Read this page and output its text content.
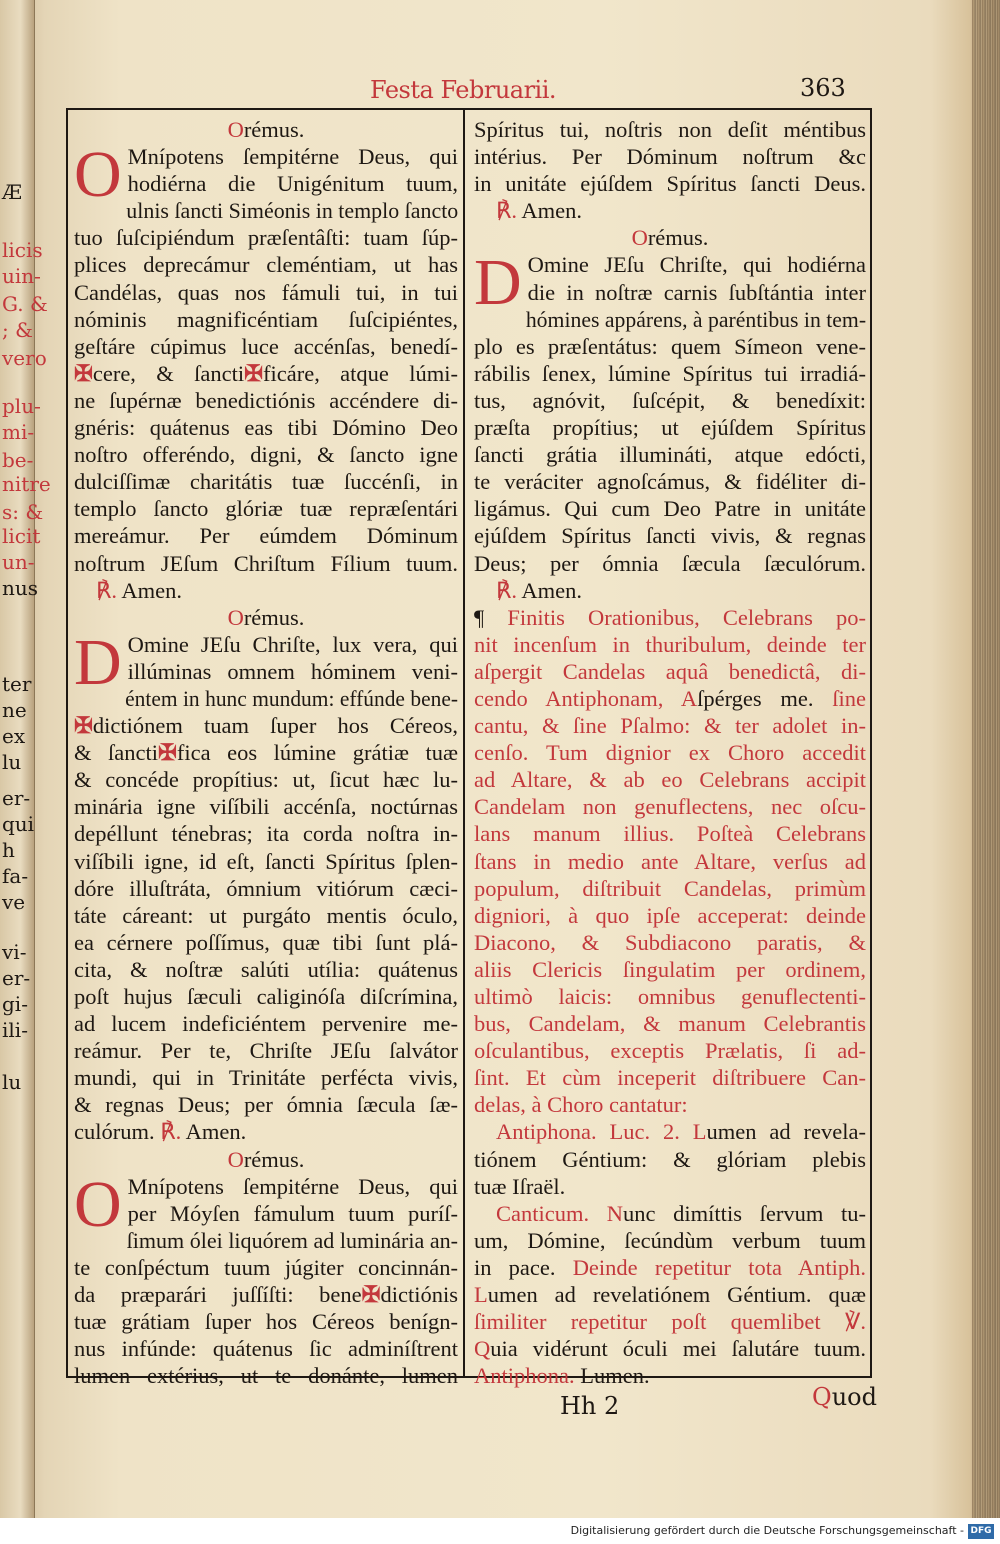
Æ
licis
uin-
G. &
; &
vero
plu-
mi-
be-
nitre
s: &
licit
un-
nus
ter
ne
ex
lu
er-
qui
h
fa-
ve
vi-
er-
gi-
ili-
lu
Festa Februarii.	363
Orémus.
O Mnípotens ſempitérne Deus, qui
hodiérna die Unigénitum tuum,
ulnis ſancti Siméonis in templo ſancto
tuo ſuſcipiéndum præſentâſti: tuam ſúp-
plices deprecámur cleméntiam, ut has
Candélas, quas nos fámuli tui, in tui
nóminis magnificéntiam ſuſcipiéntes,
geſtáre cúpimus luce accénſas, benedí-
✠cere, & ſancti✠ficáre, atque lúmi-
ne ſupérnæ benedictiónis accéndere di-
gnéris: quátenus eas tibi Dómino Deo
noſtro offeréndo, digni, & ſancto igne
dulciſſimæ charitátis tuæ ſuccénſi, in
templo ſancto glóriæ tuæ repræſentári
mereámur. Per eúmdem Dóminum
noſtrum JEſum Chriſtum Fílium tuum.
℟. Amen.
Orémus.
D Omine JEſu Chriſte, lux vera, qui
illúminas omnem hóminem veni-
éntem in hunc mundum: effúnde bene-
✠dictiónem tuam ſuper hos Céreos,
& ſancti✠fica eos lúmine grátiæ tuæ
& concéde propítius: ut, ſicut hæc lu-
minária igne viſíbili accénſa, noctúrnas
depéllunt ténebras; ita corda noſtra in-
viſíbili igne, id eſt, ſancti Spíritus ſplen-
dóre illuſtráta, ómnium vitiórum cæci-
táte cáreant: ut purgáto mentis óculo,
ea cérnere poſſímus, quæ tibi ſunt plá-
cita, & noſtræ salúti utília: quátenus
poſt hujus ſæculi caliginóſa diſcrímina,
ad lucem indeficiéntem pervenire me-
reámur. Per te, Chriſte JEſu ſalvátor
mundi, qui in Trinitáte perfécta vivis,
& regnas Deus; per ómnia ſæcula ſæ-
culórum. ℟. Amen.
Orémus.
O Mnípotens ſempitérne Deus, qui
per Móyſen fámulum tuum puríſ-
ſimum ólei liquórem ad luminária an-
te conſpéctum tuum júgiter concinnán-
da præparári juſſíſti: bene✠dictiónis
tuæ grátiam ſuper hos Céreos benígn-
nus infúnde: quátenus ſic adminíſtrent
lumen extérius, ut te donánte, lumen
Spíritus tui, noſtris non deſit méntibus
intérius. Per Dóminum noſtrum &c
in unitáte ejúſdem Spíritus ſancti Deus.
℟. Amen.
Orémus.
D Omine JEſu Chriſte, qui hodiérna
die in noſtræ carnis ſubſtántia inter
hómines appárens, à paréntibus in tem-
plo es præſentátus: quem Símeon vene-
rábilis ſenex, lúmine Spíritus tui irradiá-
tus, agnóvit, ſuſcépit, & benedíxit:
præſta propítius; ut ejúſdem Spíritus
ſancti grátia illumináti, atque edócti,
te veráciter agnoſcámus, & fidéliter di-
ligámus. Qui cum Deo Patre in unitáte
ejúſdem Spíritus ſancti vivis, & regnas
Deus; per ómnia ſæcula ſæculórum.
℟. Amen.
¶ Finitis Orationibus, Celebrans po-
nit incenſum in thuribulum, deinde ter
aſpergit Candelas aquâ benedictâ, di-
cendo Antiphonam, Aſpérges me. ſine
cantu, & ſine Pſalmo: & ter adolet in-
cenſo. Tum dignior ex Choro accedit
ad Altare, & ab eo Celebrans accipit
Candelam non genuflectens, nec oſcu-
lans manum illius. Poſteà Celebrans
ſtans in medio ante Altare, verſus ad
populum, diſtribuit Candelas, primùm
digniori, à quo ipſe acceperat: deinde
Diacono, & Subdiacono paratis, &
aliis Clericis ſingulatim per ordinem,
ultimò laicis: omnibus genuflectenti-
bus, Candelam, & manum Celebrantis
oſculantibus, exceptis Prælatis, ſi ad-
ſint. Et cùm inceperit diſtribuere Can-
delas, à Choro cantatur:
Antiphona. Luc. 2. Lumen ad revela-
tiónem Géntium: & glóriam plebis
tuæ Iſraël.
Canticum. Nunc dimíttis ſervum tu-
um, Dómine, ſecúndùm verbum tuum
in pace. Deinde repetitur tota Antiph.
Lumen ad revelatiónem Géntium. quæ
ſimiliter repetitur poſt quemlibet ℣.
Quia vidérunt óculi mei ſalutáre tuum.
Antiphona. Lumen.
Hh 2	Quod
Digitalisierung gefördert durch die Deutsche Forschungsgemeinschaft - DFG
